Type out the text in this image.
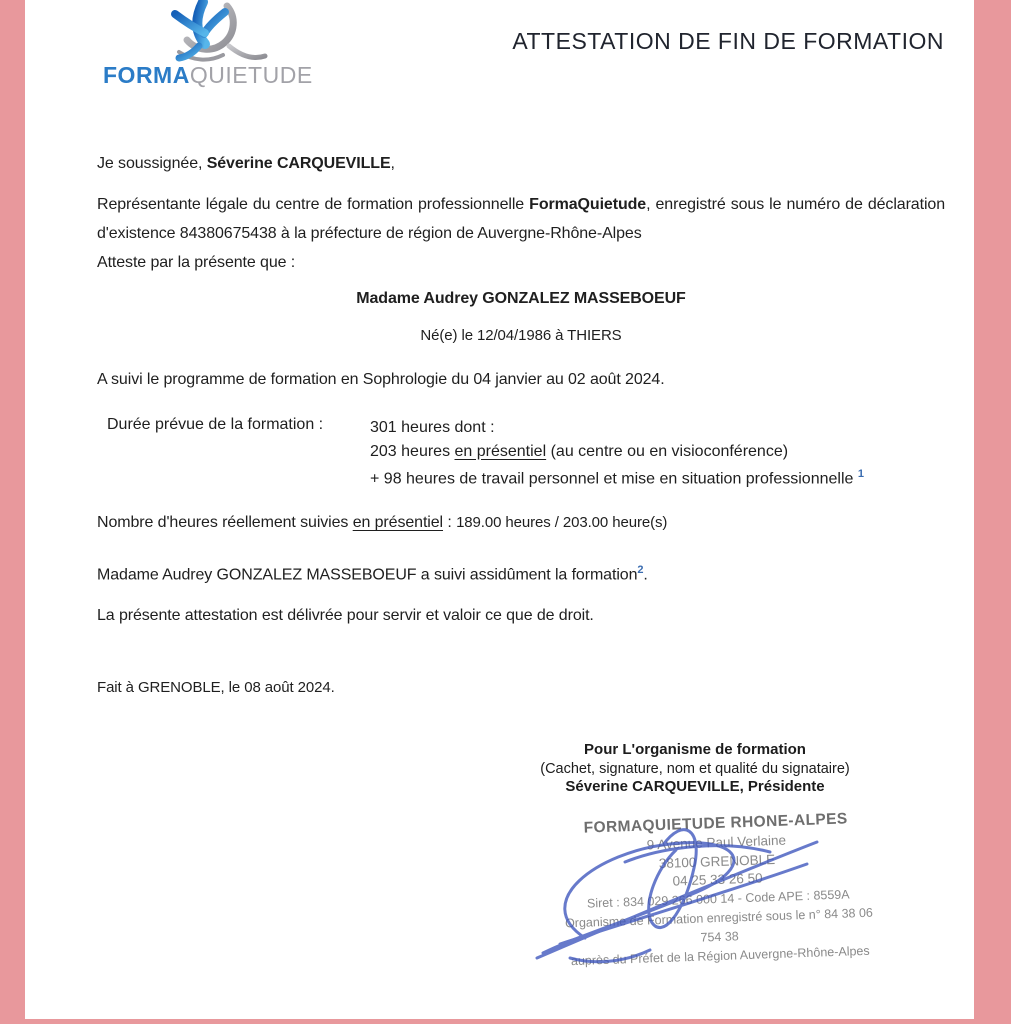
FORMAQUIETUDE
ATTESTATION DE FIN DE FORMATION
Je soussignée, Séverine CARQUEVILLE,
Représentante légale du centre de formation professionnelle FormaQuietude, enregistré sous le numéro de déclaration d'existence 84380675438 à la préfecture de région de Auvergne-Rhône-Alpes
Atteste par la présente que :
Madame Audrey GONZALEZ MASSEBOEUF
Né(e) le 12/04/1986 à THIERS
A suivi le programme de formation en Sophrologie du 04 janvier au 02 août 2024.
Durée prévue de la formation :	301 heures dont :
203 heures en présentiel (au centre ou en visioconférence)
+ 98 heures de travail personnel et mise en situation professionnelle $^1$
Nombre d'heures réellement suivies en présentiel : 189.00 heures / 203.00 heure(s)
Madame Audrey GONZALEZ MASSEBOEUF a suivi assidûment la formation$^2$.
La présente attestation est délivrée pour servir et valoir ce que de droit.
Fait à GRENOBLE, le 08 août 2024.
Pour L'organisme de formation
(Cachet, signature, nom et qualité du signataire)
Séverine CARQUEVILLE, Présidente
FORMAQUIETUDE RHONE-ALPES
9 Avenue Paul Verlaine
38100 GRENOBLE
04 25 33 26 50
Siret : 834 029 266 000 14 - Code APE : 8559A
Organisme de Formation enregistré sous le n° 84 38 06 754 38
auprès du Préfet de la Région Auvergne-Rhône-Alpes
